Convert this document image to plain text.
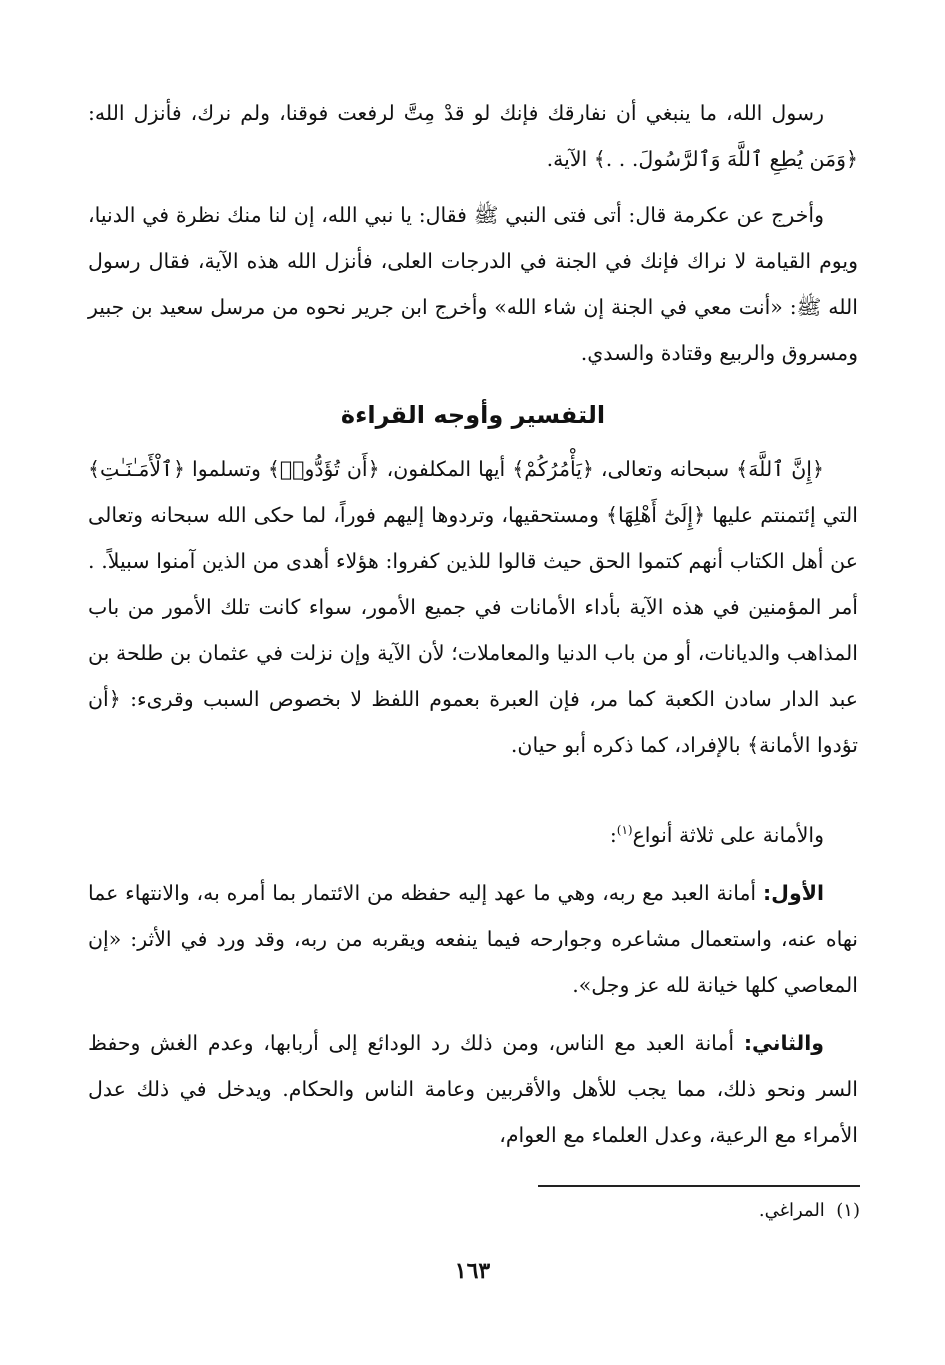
رسول الله، ما ينبغي أن نفارقك فإنك لو قدْ مِتَّ لرفعت فوقنا، ولم نرك، فأنزل الله: ﴿وَمَن يُطِعِ ٱللَّهَ وَٱلرَّسُولَ. . .﴾ الآية.

وأخرج عن عكرمة قال: أتى فتى النبي ﷺ فقال: يا نبي الله، إن لنا منك نظرة في الدنيا، ويوم القيامة لا نراك فإنك في الجنة في الدرجات العلى، فأنزل الله هذه الآية، فقال رسول الله ﷺ: «أنت معي في الجنة إن شاء الله» وأخرج ابن جرير نحوه من مرسل سعيد بن جبير ومسروق والربيع وقتادة والسدي.

التفسير وأوجه القراءة

﴿إِنَّ ٱللَّهَ﴾ سبحانه وتعالى، ﴿يَأْمُرُكُمْ﴾ أيها المكلفون، ﴿أَن تُؤَدُّوا۟﴾ وتسلموا ﴿ٱلْأَمَـٰنَـٰتِ﴾ التي إئتمنتم عليها ﴿إِلَىٰٓ أَهْلِهَا﴾ ومستحقيها، وتردوها إليهم فوراً، لما حكى الله سبحانه وتعالى عن أهل الكتاب أنهم كتموا الحق حيث قالوا للذين كفروا: هؤلاء أهدى من الذين آمنوا سبيلاً. . أمر المؤمنين في هذه الآية بأداء الأمانات في جميع الأمور، سواء كانت تلك الأمور من باب المذاهب والديانات، أو من باب الدنيا والمعاملات؛ لأن الآية وإن نزلت في عثمان بن طلحة بن عبد الدار سادن الكعبة كما مر، فإن العبرة بعموم اللفظ لا بخصوص السبب وقرىء: ﴿أن تؤدوا الأمانة﴾ بالإفراد، كما ذكره أبو حيان.

والأمانة على ثلاثة أنواع$^{(١)}$:

الأول: أمانة العبد مع ربه، وهي ما عهد إليه حفظه من الائتمار بما أمره به، والانتهاء عما نهاه عنه، واستعمال مشاعره وجوارحه فيما ينفعه ويقربه من ربه، وقد ورد في الأثر: «إن المعاصي كلها خيانة لله عز وجل».

والثاني: أمانة العبد مع الناس، ومن ذلك رد الودائع إلى أربابها، وعدم الغش وحفظ السر ونحو ذلك، مما يجب للأهل والأقربين وعامة الناس والحكام. ويدخل في ذلك عدل الأمراء مع الرعية، وعدل العلماء مع العوام،

(١)  المراغي.

١٦٣
